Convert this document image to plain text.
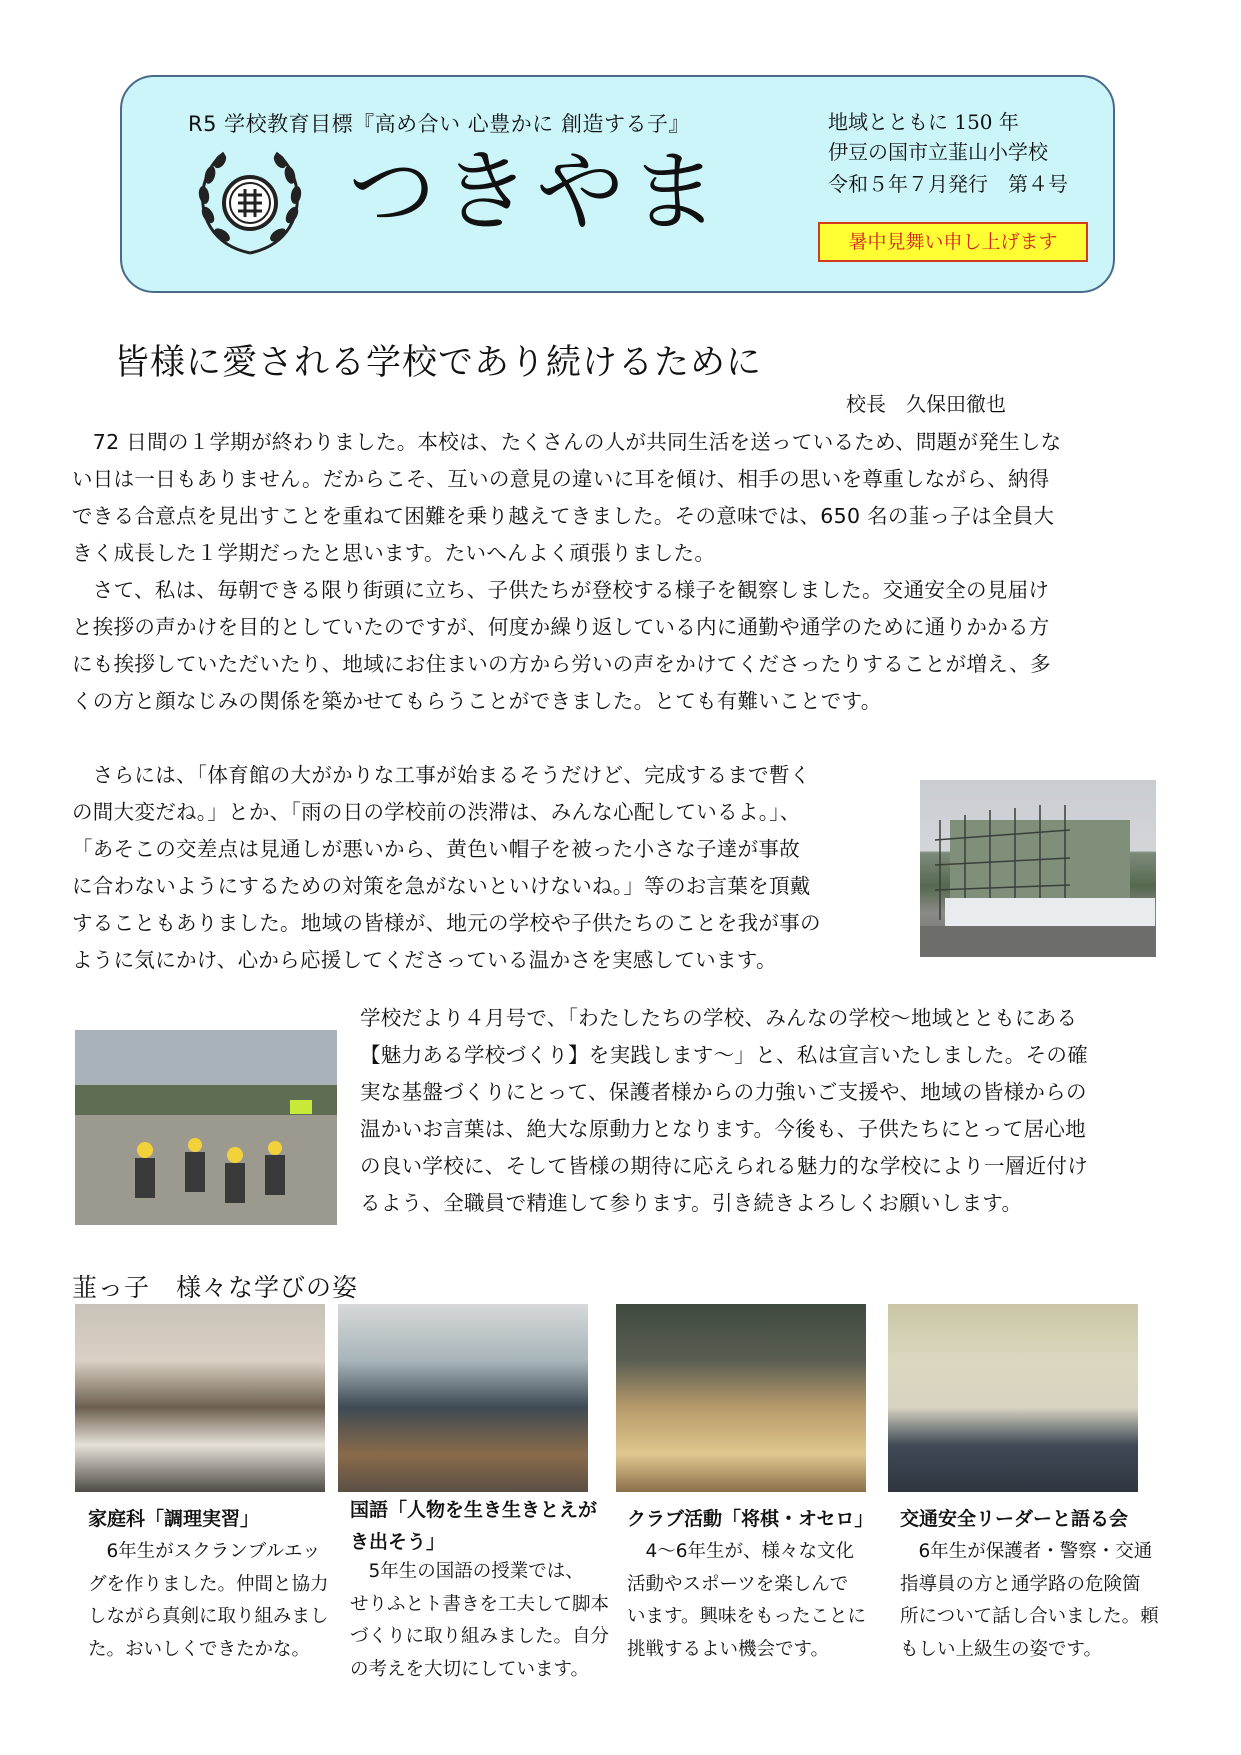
R5 学校教育目標『高め合い 心豊かに 創造する子』
つきやま
地域とともに 150 年
伊豆の国市立韮山小学校
令和５年７月発行　第４号
暑中見舞い申し上げます
皆様に愛される学校であり続けるために
校長　久保田徹也
　72 日間の１学期が終わりました。本校は、たくさんの人が共同生活を送っているため、問題が発生しな
い日は一日もありません。だからこそ、互いの意見の違いに耳を傾け、相手の思いを尊重しながら、納得
できる合意点を見出すことを重ねて困難を乗り越えてきました。その意味では、650 名の韮っ子は全員大
きく成長した１学期だったと思います。たいへんよく頑張りました。
　さて、私は、毎朝できる限り街頭に立ち、子供たちが登校する様子を観察しました。交通安全の見届け
と挨拶の声かけを目的としていたのですが、何度か繰り返している内に通勤や通学のために通りかかる方
にも挨拶していただいたり、地域にお住まいの方から労いの声をかけてくださったりすることが増え、多
くの方と顔なじみの関係を築かせてもらうことができました。とても有難いことです。
　さらには、「体育館の大がかりな工事が始まるそうだけど、完成するまで暫く
の間大変だね。」とか、「雨の日の学校前の渋滞は、みんな心配しているよ。」、
「あそこの交差点は見通しが悪いから、黄色い帽子を被った小さな子達が事故
に合わないようにするための対策を急がないといけないね。」等のお言葉を頂戴
することもありました。地域の皆様が、地元の学校や子供たちのことを我が事の
ように気にかけ、心から応援してくださっている温かさを実感しています。
学校だより４月号で、「わたしたちの学校、みんなの学校〜地域とともにある
【魅力ある学校づくり】を実践します〜」と、私は宣言いたしました。その確
実な基盤づくりにとって、保護者様からの力強いご支援や、地域の皆様からの
温かいお言葉は、絶大な原動力となります。今後も、子供たちにとって居心地
の良い学校に、そして皆様の期待に応えられる魅力的な学校により一層近付け
るよう、全職員で精進して参ります。引き続きよろしくお願いします。
韮っ子　様々な学びの姿
家庭科「調理実習」
　6年生がスクランブルエッ
グを作りました。仲間と協力
しながら真剣に取り組みまし
た。おいしくできたかな。
国語「人物を生き生きとえが
き出そう」
　5年生の国語の授業では、
せりふとト書きを工夫して脚本
づくりに取り組みました。自分
の考えを大切にしています。
クラブ活動「将棋・オセロ」
　4〜6年生が、様々な文化
活動やスポーツを楽しんで
います。興味をもったことに
挑戦するよい機会です。
交通安全リーダーと語る会
　6年生が保護者・警察・交通
指導員の方と通学路の危険箇
所について話し合いました。頼
もしい上級生の姿です。
